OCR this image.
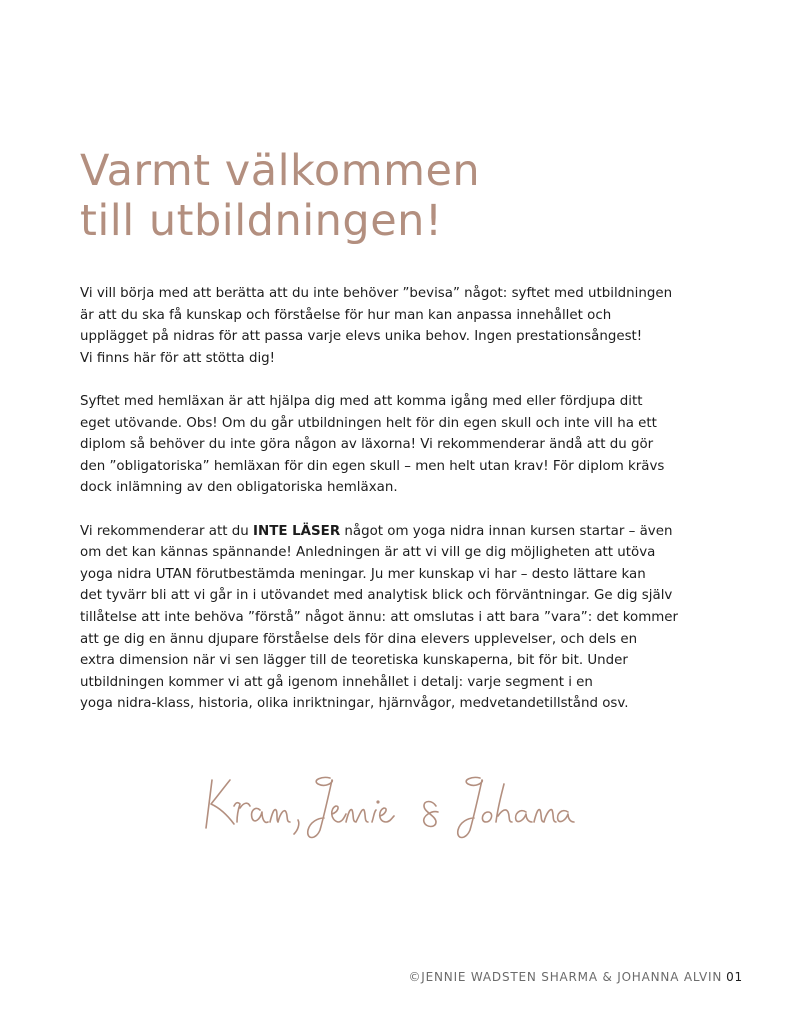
Varmt välkommen
till utbildningen!

Vi vill börja med att berätta att du inte behöver ”bevisa” något: syftet med utbildningen
är att du ska få kunskap och förståelse för hur man kan anpassa innehållet och
upplägget på nidras för att passa varje elevs unika behov. Ingen prestationsångest!
Vi finns här för att stötta dig!

Syftet med hemläxan är att hjälpa dig med att komma igång med eller fördjupa ditt
eget utövande. Obs! Om du går utbildningen helt för din egen skull och inte vill ha ett
diplom så behöver du inte göra någon av läxorna! Vi rekommenderar ändå att du gör
den ”obligatoriska” hemläxan för din egen skull – men helt utan krav! För diplom krävs
dock inlämning av den obligatoriska hemläxan.

Vi rekommenderar att du INTE LÄSER något om yoga nidra innan kursen startar – även
om det kan kännas spännande! Anledningen är att vi vill ge dig möjligheten att utöva
yoga nidra UTAN förutbestämda meningar. Ju mer kunskap vi har – desto lättare kan
det tyvärr bli att vi går in i utövandet med analytisk blick och förväntningar. Ge dig själv
tillåtelse att inte behöva ”förstå” något ännu: att omslutas i att bara ”vara”: det kommer
att ge dig en ännu djupare förståelse dels för dina elevers upplevelser, och dels en
extra dimension när vi sen lägger till de teoretiska kunskaperna, bit för bit. Under
utbildningen kommer vi att gå igenom innehållet i detalj: varje segment i en
yoga nidra-klass, historia, olika inriktningar, hjärnvågor, medvetandetillstånd osv.

©JENNIE WADSTEN SHARMA & JOHANNA ALVIN 01
